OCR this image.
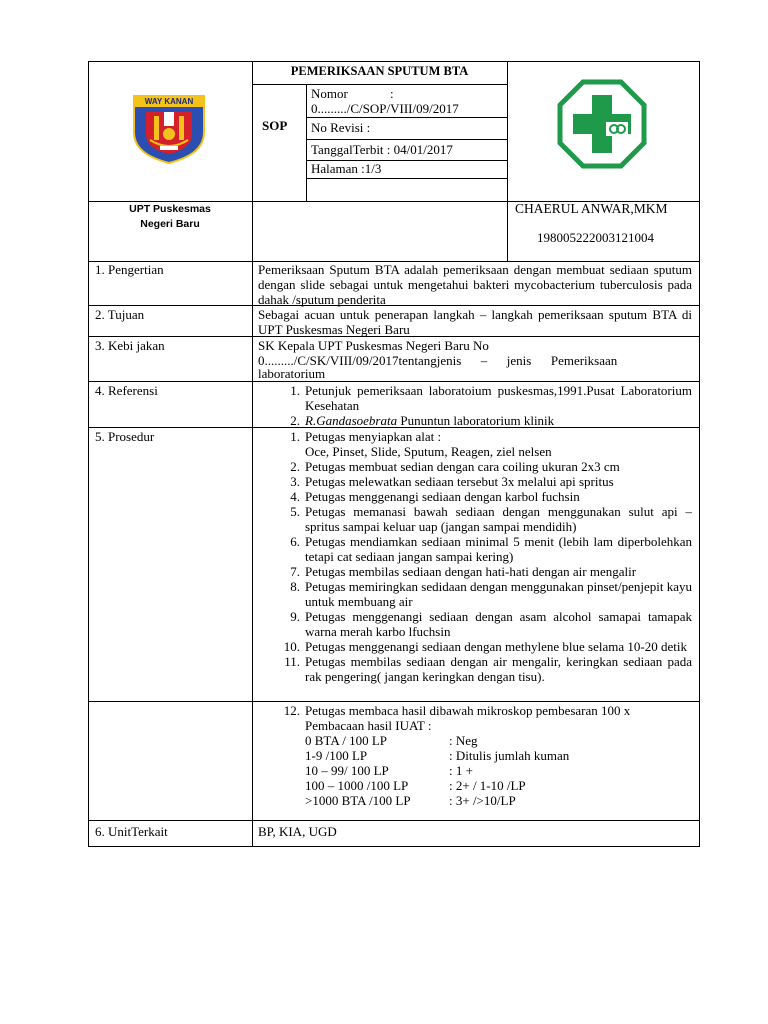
WAY KANAN
PEMERIKSAAN SPUTUM BTA
SOP
Nomor	:
0........./C/SOP/VIII/09/2017
No Revisi :
TanggalTerbit : 04/01/2017
Halaman :1/3
UPT Puskesmas
Negeri Baru
CHAERUL ANWAR,MKM
198005222003121004
1. Pengertian	Pemeriksaan Sputum BTA adalah pemeriksaan dengan membuat sediaan sputum dengan slide sebagai untuk mengetahui bakteri mycobacterium tuberculosis pada dahak /sputum penderita
2. Tujuan	Sebagai acuan untuk penerapan langkah – langkah pemeriksaan sputum BTA di UPT Puskesmas Negeri Baru
3. Kebi jakan	SK Kepala UPT Puskesmas Negeri Baru No
0........./C/SK/VIII/09/2017tentangjenis      –      jenis      Pemeriksaan
laboratorium
4. Referensi	1. Petunjuk pemeriksaan laboratoium puskesmas,1991.Pusat Laboratorium Kesehatan
2. R.Gandasoebrata Pununtun laboratorium klinik
5. Prosedur	1. Petugas menyiapkan alat :
Oce, Pinset, Slide, Sputum, Reagen, ziel nelsen
2. Petugas membuat sedian dengan cara coiling ukuran 2x3 cm
3. Petugas melewatkan sediaan tersebut 3x melalui api spritus
4. Petugas menggenangi sediaan dengan karbol fuchsin
5. Petugas memanasi bawah sediaan dengan menggunakan sulut api – spritus sampai keluar uap (jangan sampai mendidih)
6. Petugas mendiamkan sediaan minimal 5 menit (lebih lam diperbolehkan tetapi cat sediaan jangan sampai kering)
7. Petugas membilas sediaan dengan hati-hati dengan air mengalir
8. Petugas memiringkan sedidaan dengan menggunakan pinset/penjepit kayu untuk membuang air
9. Petugas menggenangi sediaan dengan asam alcohol samapai tamapak warna merah karbo lfuchsin
10. Petugas menggenangi sediaan dengan methylene blue selama 10-20 detik
11. Petugas membilas sediaan dengan air mengalir, keringkan sediaan pada rak pengering( jangan keringkan dengan tisu).
12. Petugas membaca hasil dibawah mikroskop pembesaran 100 x
Pembacaan hasil IUAT :
0 BTA / 100 LP	: Neg
1-9 /100 LP	: Ditulis jumlah kuman
10 – 99/ 100 LP	: 1 +
100 – 1000 /100 LP	: 2+ / 1-10 /LP
>1000 BTA /100 LP	: 3+ />10/LP
6. UnitTerkait	BP, KIA, UGD
